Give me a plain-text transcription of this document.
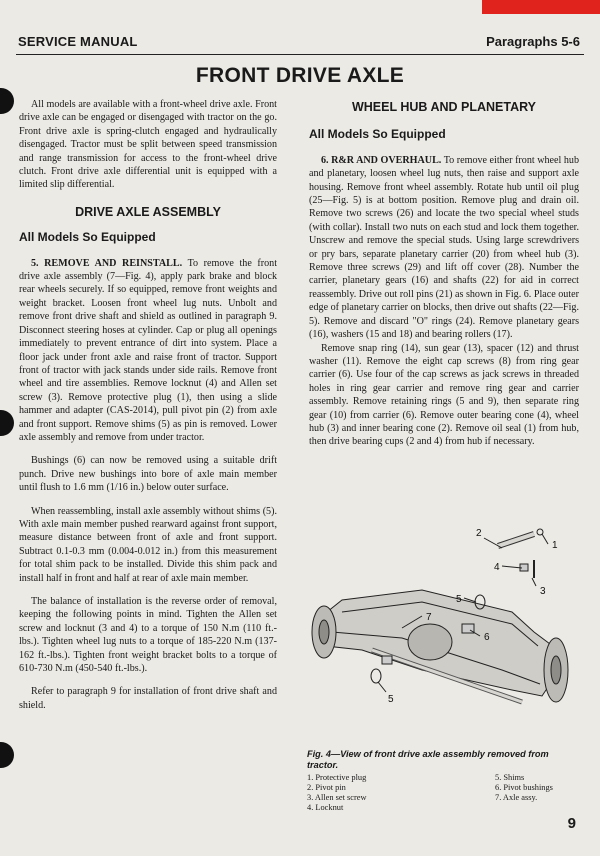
SERVICE MANUAL	Paragraphs 5-6
FRONT DRIVE AXLE

All models are available with a front-wheel drive axle. Front drive axle can be engaged or disengaged with tractor on the go. Front drive axle is spring-clutch engaged and hydraulically disengaged. Tractor must be split between speed transmission and range transmission for access to the front-wheel drive clutch. Front drive axle differential unit is equipped with a limited slip differential.

DRIVE AXLE ASSEMBLY
All Models So Equipped

5. REMOVE AND REINSTALL. To remove the front drive axle assembly (7—Fig. 4), apply park brake and block rear wheels securely. If so equipped, remove front weights and weight bracket. Loosen front wheel lug nuts. Unbolt and remove front drive shaft and shield as outlined in paragraph 9. Disconnect steering hoses at cylinder. Cap or plug all openings immediately to prevent entrance of dirt into system. Place a floor jack under front axle and raise front of tractor. Support front of tractor with jack stands under side rails. Remove front wheel and tire assemblies. Remove locknut (4) and Allen set screw (3). Remove protective plug (1), then using a slide hammer and adapter (CAS-2014), pull pivot pin (2) from axle and front support. Remove shims (5) as pin is removed. Lower axle assembly and remove from under tractor.

Bushings (6) can now be removed using a suitable drift punch. Drive new bushings into bore of axle main member until flush to 1.6 mm (1/16 in.) below outer surface.

When reassembling, install axle assembly without shims (5). With axle main member pushed rearward against front support, measure distance between front of axle and front support. Subtract 0.1-0.3 mm (0.004-0.012 in.) from this measurement for total shim pack to be installed. Divide this shim pack and install half in front and half at rear of axle main member.

The balance of installation is the reverse order of removal, keeping the following points in mind. Tighten the Allen set screw and locknut (3 and 4) to a torque of 150 N.m (110 ft.-lbs.). Tighten wheel lug nuts to a torque of 185-220 N.m (137-162 ft.-lbs.). Tighten front weight bracket bolts to a torque of 610-730 N.m (450-540 ft.-lbs.).

Refer to paragraph 9 for installation of front drive shaft and shield.

WHEEL HUB AND PLANETARY
All Models So Equipped

6. R&R AND OVERHAUL. To remove either front wheel hub and planetary, loosen wheel lug nuts, then raise and support axle housing. Remove front wheel assembly. Rotate hub until oil plug (25—Fig. 5) is at bottom position. Remove plug and drain oil. Remove two screws (26) and locate the two special wheel studs (with collar). Install two nuts on each stud and lock them together. Unscrew and remove the special studs. Using large screwdrivers or pry bars, separate planetary carrier (20) from wheel hub (3). Remove three screws (29) and lift off cover (28). Number the carrier, planetary gears (16) and shafts (22) for aid in correct reassembly. Drive out roll pins (21) as shown in Fig. 6. Place outer edge of planetary carrier on blocks, then drive out shafts (22—Fig. 5). Remove and discard "O" rings (24). Remove planetary gears (16), washers (15 and 18) and bearing rollers (17).

Remove snap ring (14), sun gear (13), spacer (12) and thrust washer (11). Remove the eight cap screws (8) from ring gear carrier (6). Use four of the cap screws as jack screws in threaded holes in ring gear carrier and remove ring gear and carrier assembly. Remove retaining rings (5 and 9), then separate ring gear (10) from carrier (6). Remove outer bearing cone (4), wheel hub (3) and inner bearing cone (2). Remove oil seal (1) from hub, then drive bearing cups (2 and 4) from hub if necessary.

2
1
4
3
5
7
6
5
Fig. 4—View of front drive axle assembly removed from tractor.
1. Protective plug	5. Shims
2. Pivot pin	6. Pivot bushings
3. Allen set screw	7. Axle assy.
4. Locknut
9
